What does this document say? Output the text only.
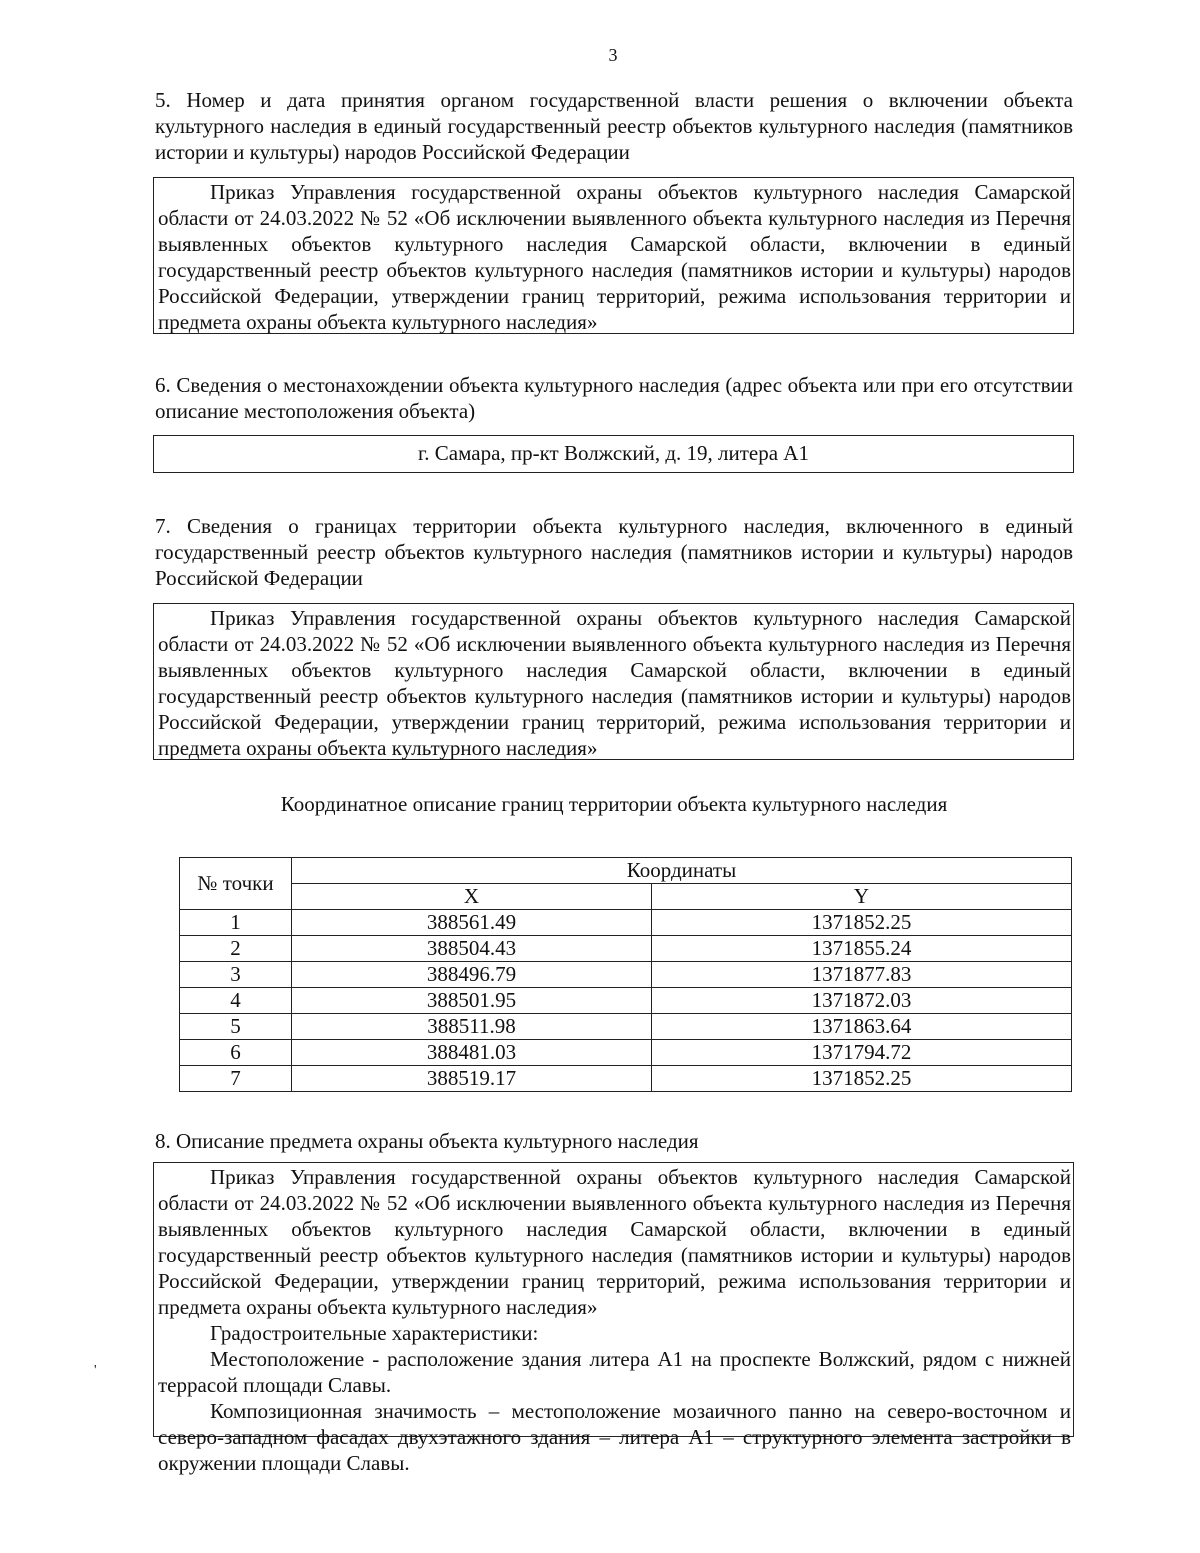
3
5. Номер и дата принятия органом государственной власти решения о включении объекта культурного наследия в единый государственный реестр объектов культурного наследия (памятников истории и культуры) народов Российской Федерации

Приказ Управления государственной охраны объектов культурного наследия Самарской области от 24.03.2022 № 52 «Об исключении выявленного объекта культурного наследия из Перечня выявленных объектов культурного наследия Самарской области, включении в единый государственный реестр объектов культурного наследия (памятников истории и культуры) народов Российской Федерации, утверждении границ территорий, режима использования территории и предмета охраны объекта культурного наследия»

6. Сведения о местонахождении объекта культурного наследия (адрес объекта или при его отсутствии описание местоположения объекта)
г. Самара, пр-кт Волжский, д. 19, литера А1
7. Сведения о границах территории объекта культурного наследия, включенного в единый государственный реестр объектов культурного наследия (памятников истории и культуры) народов Российской Федерации

Приказ Управления государственной охраны объектов культурного наследия Самарской области от 24.03.2022 № 52 «Об исключении выявленного объекта культурного наследия из Перечня выявленных объектов культурного наследия Самарской области, включении в единый государственный реестр объектов культурного наследия (памятников истории и культуры) народов Российской Федерации, утверждении границ территорий, режима использования территории и предмета охраны объекта культурного наследия»

Координатное описание границ территории объекта культурного наследия
№ точки	Координаты	
	X	Y
1	388561.49	1371852.25
2	388504.43	1371855.24
3	388496.79	1371877.83
4	388501.95	1371872.03
5	388511.98	1371863.64
6	388481.03	1371794.72
7	388519.17	1371852.25
8. Описание предмета охраны объекта культурного наследия

Приказ Управления государственной охраны объектов культурного наследия Самарской области от 24.03.2022 № 52 «Об исключении выявленного объекта культурного наследия из Перечня выявленных объектов культурного наследия Самарской области, включении в единый государственный реестр объектов культурного наследия (памятников истории и культуры) народов Российской Федерации, утверждении границ территорий, режима использования территории и предмета охраны объекта культурного наследия»

Градостроительные характеристики:

Местоположение - расположение здания литера А1 на проспекте Волжский, рядом с нижней террасой площади Славы.

Композиционная значимость – местоположение мозаичного панно на северо-восточном и северо-западном фасадах двухэтажного здания – литера А1 – структурного элемента застройки в окружении площади Славы.

'
